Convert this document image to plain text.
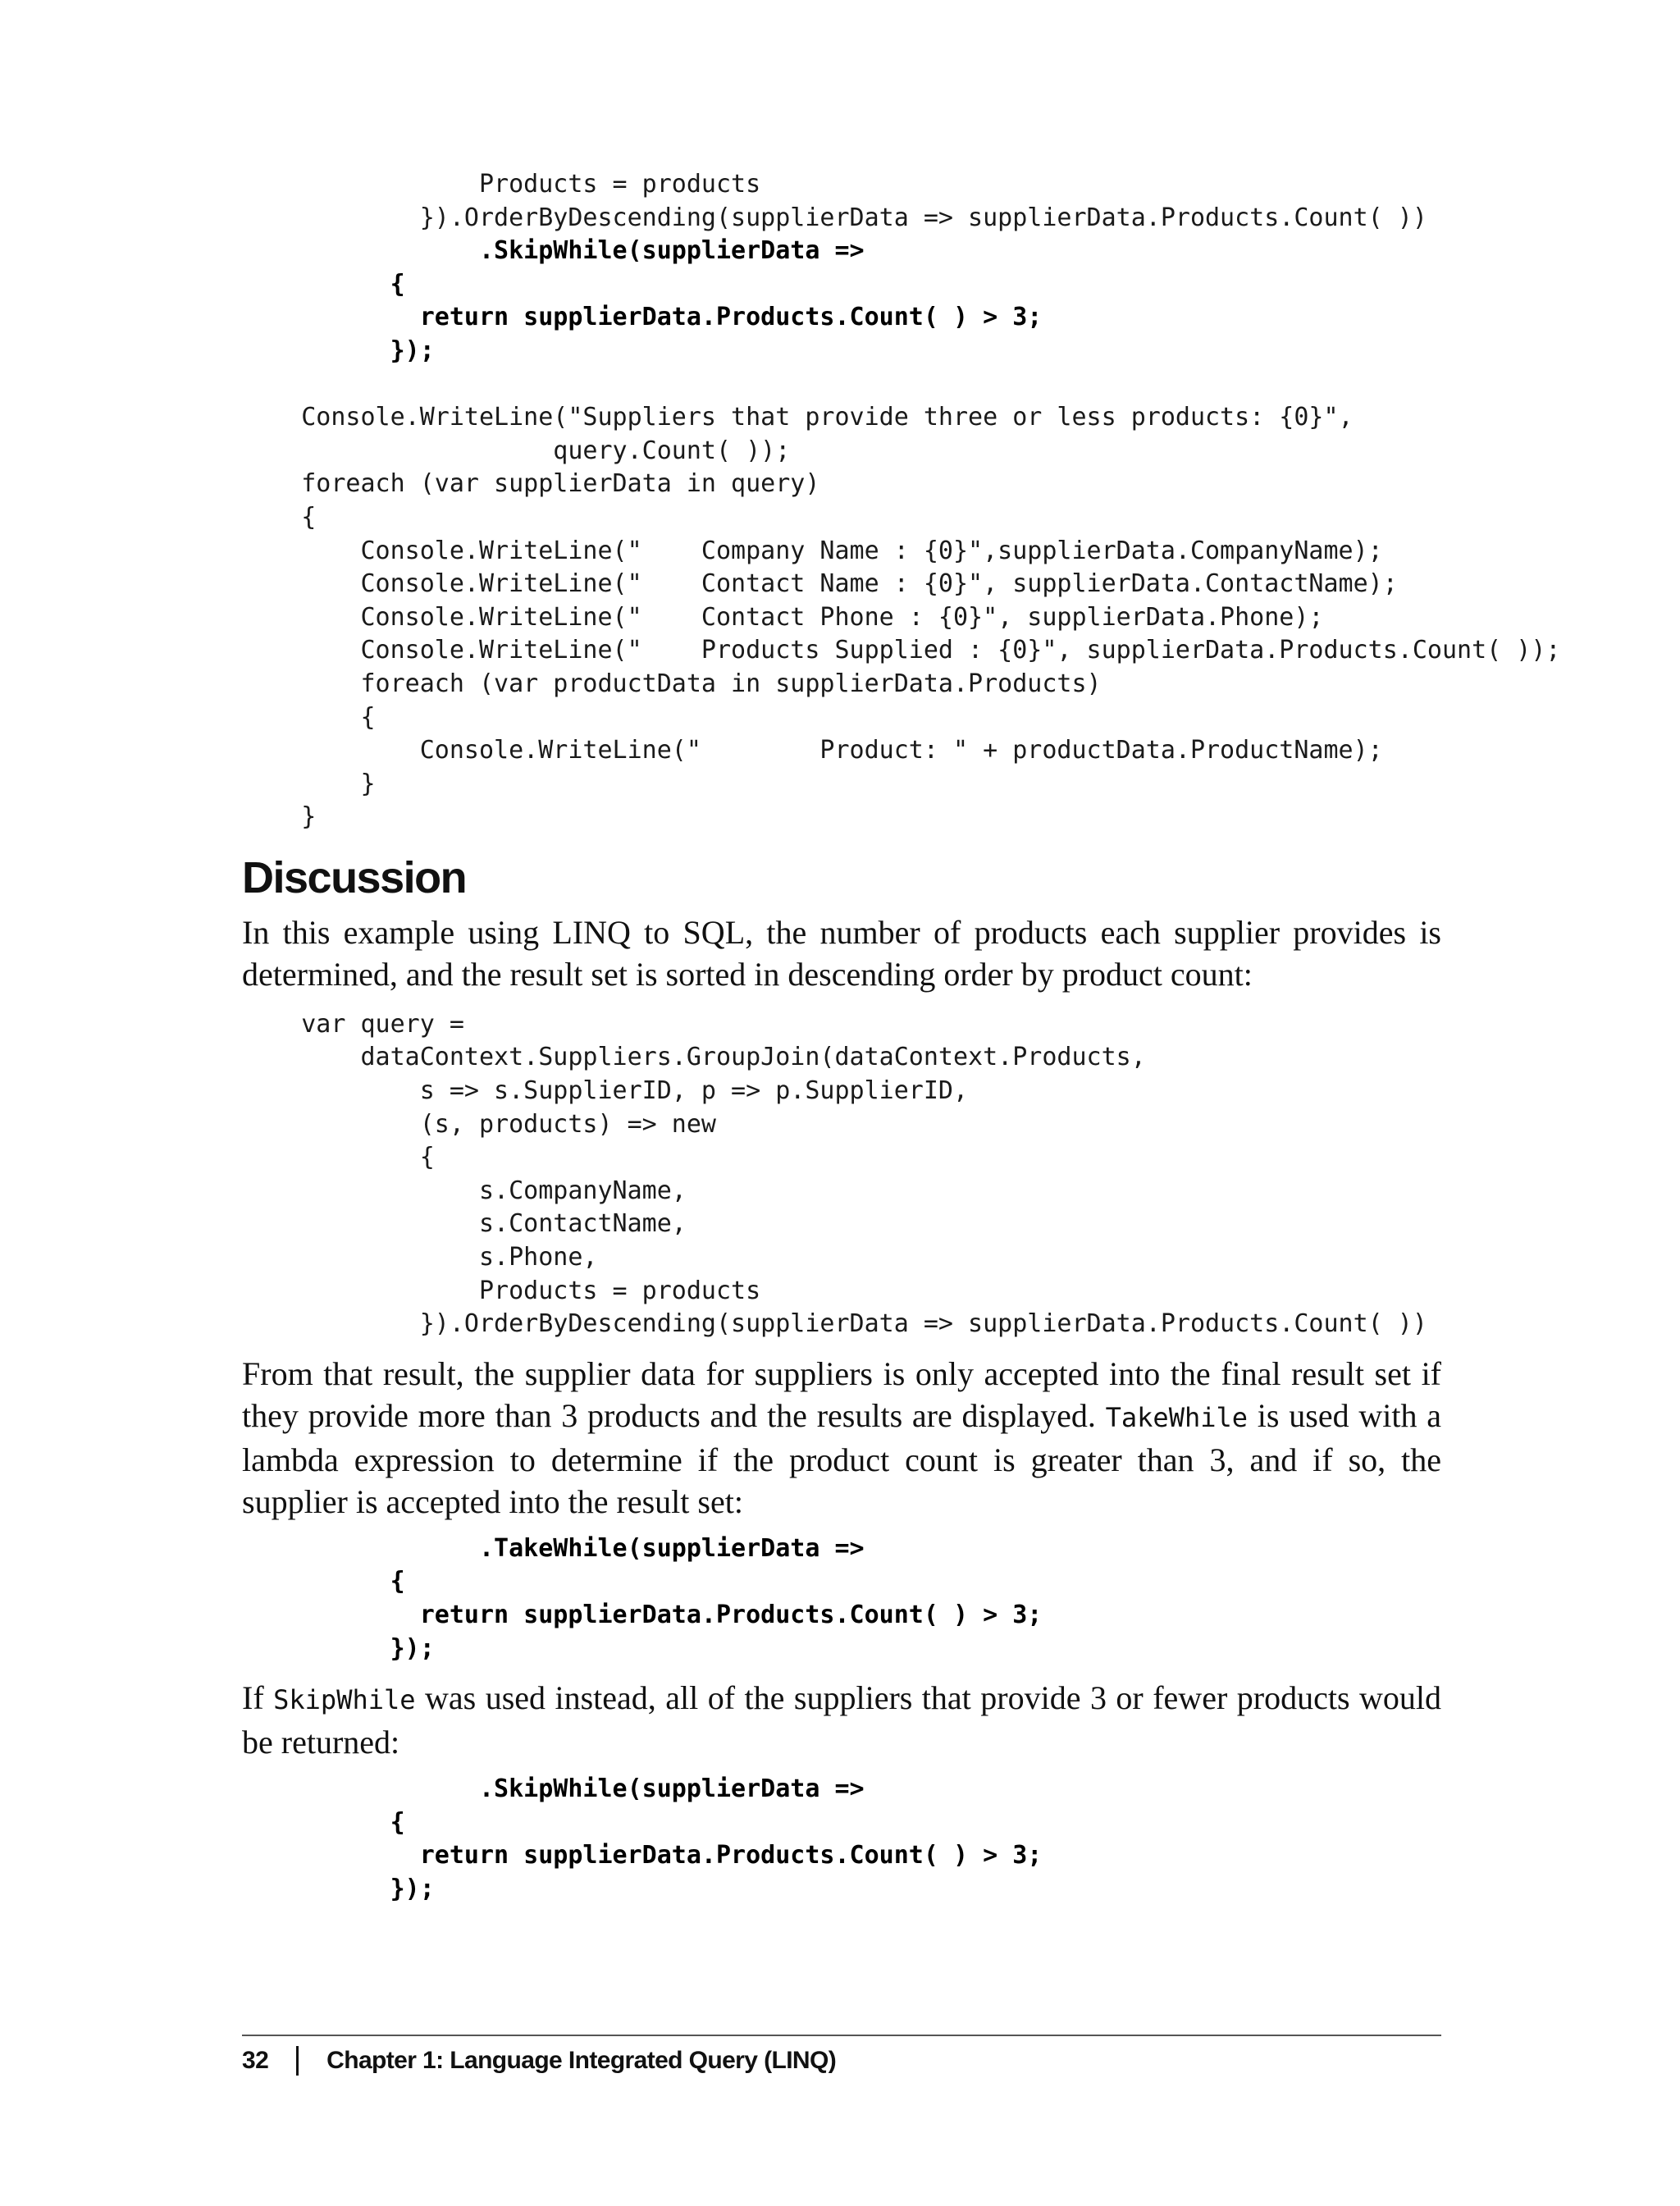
Products = products
}).OrderByDescending(supplierData => supplierData.Products.Count( ))
.SkipWhile(supplierData =>
{
return supplierData.Products.Count( ) > 3;
});
Console.WriteLine("Suppliers that provide three or less products: {0}",
query.Count( ));
foreach (var supplierData in query)
{
Console.WriteLine("    Company Name : {0}",supplierData.CompanyName);
Console.WriteLine("    Contact Name : {0}", supplierData.ContactName);
Console.WriteLine("    Contact Phone : {0}", supplierData.Phone);
Console.WriteLine("    Products Supplied : {0}", supplierData.Products.Count( ));
foreach (var productData in supplierData.Products)
{
Console.WriteLine("        Product: " + productData.ProductName);
}
}
Discussion

In this example using LINQ to SQL, the number of products each supplier provides is determined, and the result set is sorted in descending order by product count:

var query =
dataContext.Suppliers.GroupJoin(dataContext.Products,
s => s.SupplierID, p => p.SupplierID,
(s, products) => new
{
s.CompanyName,
s.ContactName,
s.Phone,
Products = products
}).OrderByDescending(supplierData => supplierData.Products.Count( ))

From that result, the supplier data for suppliers is only accepted into the final result set if they provide more than 3 products and the results are displayed. TakeWhile is used with a lambda expression to determine if the product count is greater than 3, and if so, the supplier is accepted into the result set:

.TakeWhile(supplierData =>
{
return supplierData.Products.Count( ) > 3;
});

If SkipWhile was used instead, all of the suppliers that provide 3 or fewer products would be returned:

.SkipWhile(supplierData =>
{
return supplierData.Products.Count( ) > 3;
});
32 Chapter 1: Language Integrated Query (LINQ)
